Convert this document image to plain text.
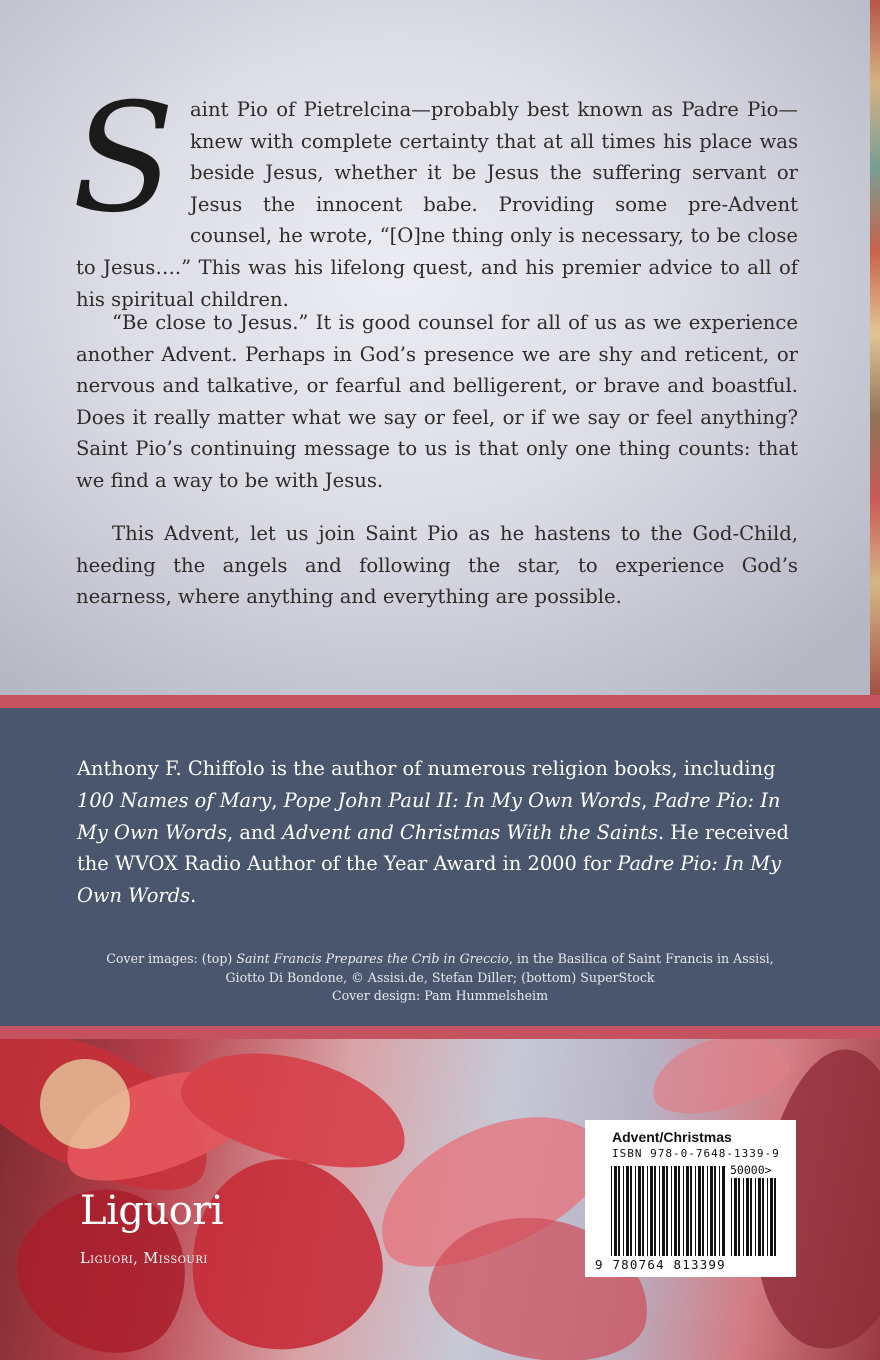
Saint Pio of Pietrelcina—probably best known as Padre Pio—knew with complete certainty that at all times his place was beside Jesus, whether it be Jesus the suffering servant or Jesus the innocent babe. Providing some pre-Advent counsel, he wrote, “[O]ne thing only is necessary, to be close to Jesus….” This was his lifelong quest, and his premier advice to all of his spiritual children.

“Be close to Jesus.” It is good counsel for all of us as we experience another Advent. Perhaps in God’s presence we are shy and reticent, or nervous and talkative, or fearful and belligerent, or brave and boastful. Does it really matter what we say or feel, or if we say or feel anything? Saint Pio’s continuing message to us is that only one thing counts: that we find a way to be with Jesus.

This Advent, let us join Saint Pio as he hastens to the God-Child, heeding the angels and following the star, to experience God’s nearness, where anything and everything are possible.

Anthony F. Chiffolo is the author of numerous religion books, including 100 Names of Mary, Pope John Paul II: In My Own Words, Padre Pio: In My Own Words, and Advent and Christmas With the Saints. He received the WVOX Radio Author of the Year Award in 2000 for Padre Pio: In My Own Words.

Cover images: (top) Saint Francis Prepares the Crib in Greccio, in the Basilica of Saint Francis in Assisi, Giotto Di Bondone, © Assisi.de, Stefan Diller; (bottom) SuperStock
Cover design: Pam Hummelsheim

Liguori

Liguori, Missouri

Advent/Christmas

ISBN 978-0-7648-1339-9

50000>

9 780764 813399
